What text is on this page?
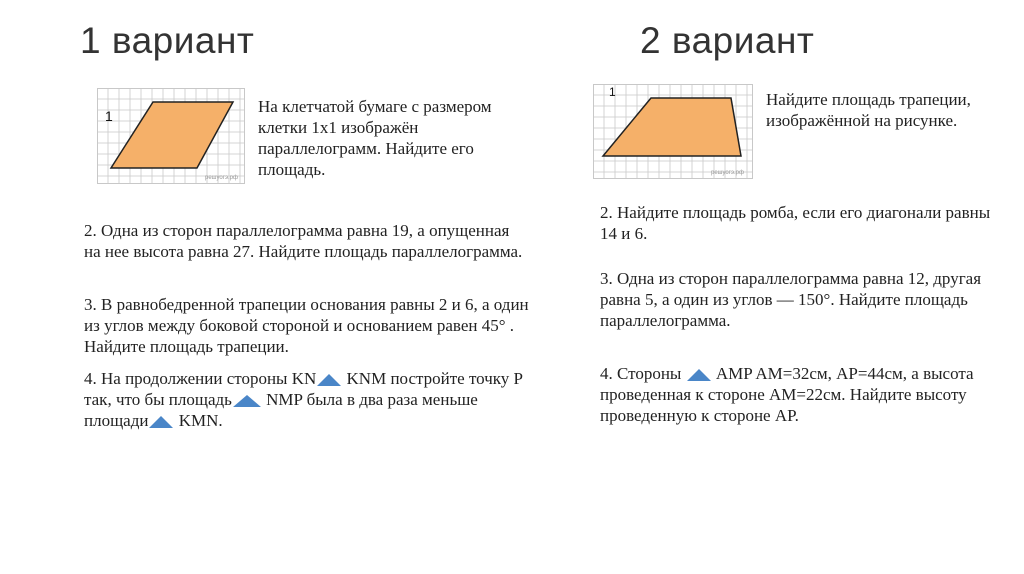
1 вариант	2 вариант
1
решуогэ.рф
На клетчатой бумаге с размером клетки 1х1 изображён параллелограмм. Найдите его площадь.
2. Одна из сторон параллелограмма равна 19, а опущенная на нее высота равна 27. Найдите площадь параллелограмма.
3. В равнобедренной трапеции основания равны 2 и 6, а один из углов между боковой стороной и основанием равен 45° . Найдите площадь трапеции.
4. На продолжении стороны KN KNM постройте точку P так, что бы площадь NMP была в два раза меньше площади KMN.
1
решуогэ.рф
Найдите площадь трапеции, изображённой на рисунке.
2. Найдите площадь ромба, если его диагонали равны 14 и 6.
3. Одна из сторон параллелограмма равна 12, другая равна 5, а один из углов — 150°. Найдите площадь параллелограмма.
4. Стороны  AMP AM=32см, AP=44см, а высота проведенная к стороне AM=22см. Найдите высоту проведенную к стороне AP.
